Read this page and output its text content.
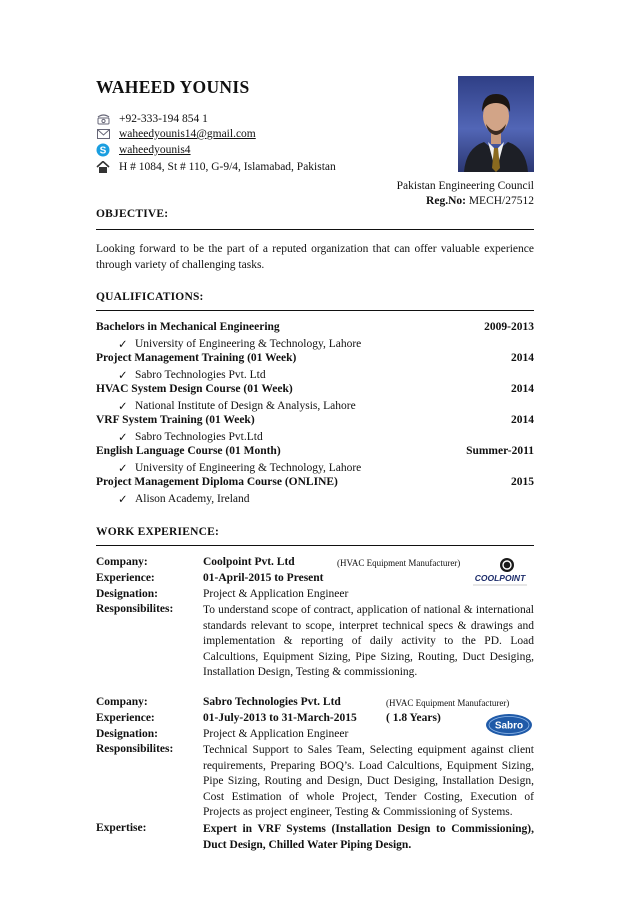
WAHEED YOUNIS
+92-333-194 854 1
waheedyounis14@gmail.com
S waheedyounis4
H # 1084, St # 110, G-9/4, Islamabad, Pakistan
Pakistan Engineering Council
Reg.No: MECH/27512
OBJECTIVE:
Looking forward to be the part of a reputed organization that can offer valuable experience through variety of challenging tasks.
QUALIFICATIONS:
Bachelors in Mechanical Engineering	2009-2013
✓ University of Engineering & Technology, Lahore
Project Management Training (01 Week)	2014
✓ Sabro Technologies Pvt. Ltd
HVAC System Design Course (01 Week)	2014
✓ National Institute of Design & Analysis, Lahore
VRF System Training (01 Week)	2014
✓ Sabro Technologies Pvt.Ltd
English Language Course (01 Month)	Summer-2011
✓ University of Engineering & Technology, Lahore
Project Management Diploma Course (ONLINE)	2015
✓ Alison Academy, Ireland
WORK EXPERIENCE:
Company:	Coolpoint Pvt. Ltd	(HVAC Equipment Manufacturer)
COOLPOINT
Experience:	01-April-2015 to Present
Designation:	Project & Application Engineer
Responsibilites:	To understand scope of contract, application of national & international standards relevant to scope, interpret technical specs & drawings and implementation & reporting of daily activity to the PD. Load Calcultions, Equipment Sizing, Pipe Sizing, Routing, Duct Desiging, Installation Design, Testing & commissioning.
Company:	Sabro Technologies Pvt. Ltd	(HVAC Equipment Manufacturer)
Experience:	01-July-2013 to 31-March-2015	( 1.8 Years)
Sabro
Designation:	Project & Application Engineer
Responsibilites:	Technical Support to Sales Team, Selecting equipment against client requirements, Preparing BOQ’s. Load Calcultions, Equipment Sizing, Pipe Sizing, Routing and Design, Duct Desiging, Installation Design, Cost Estimation of whole Project, Tender Costing, Execution of Projects as project engineer, Testing & Commissioning of Systems.
Expertise:	Expert in VRF Systems (Installation Design to Commissioning), Duct Design, Chilled Water Piping Design.
